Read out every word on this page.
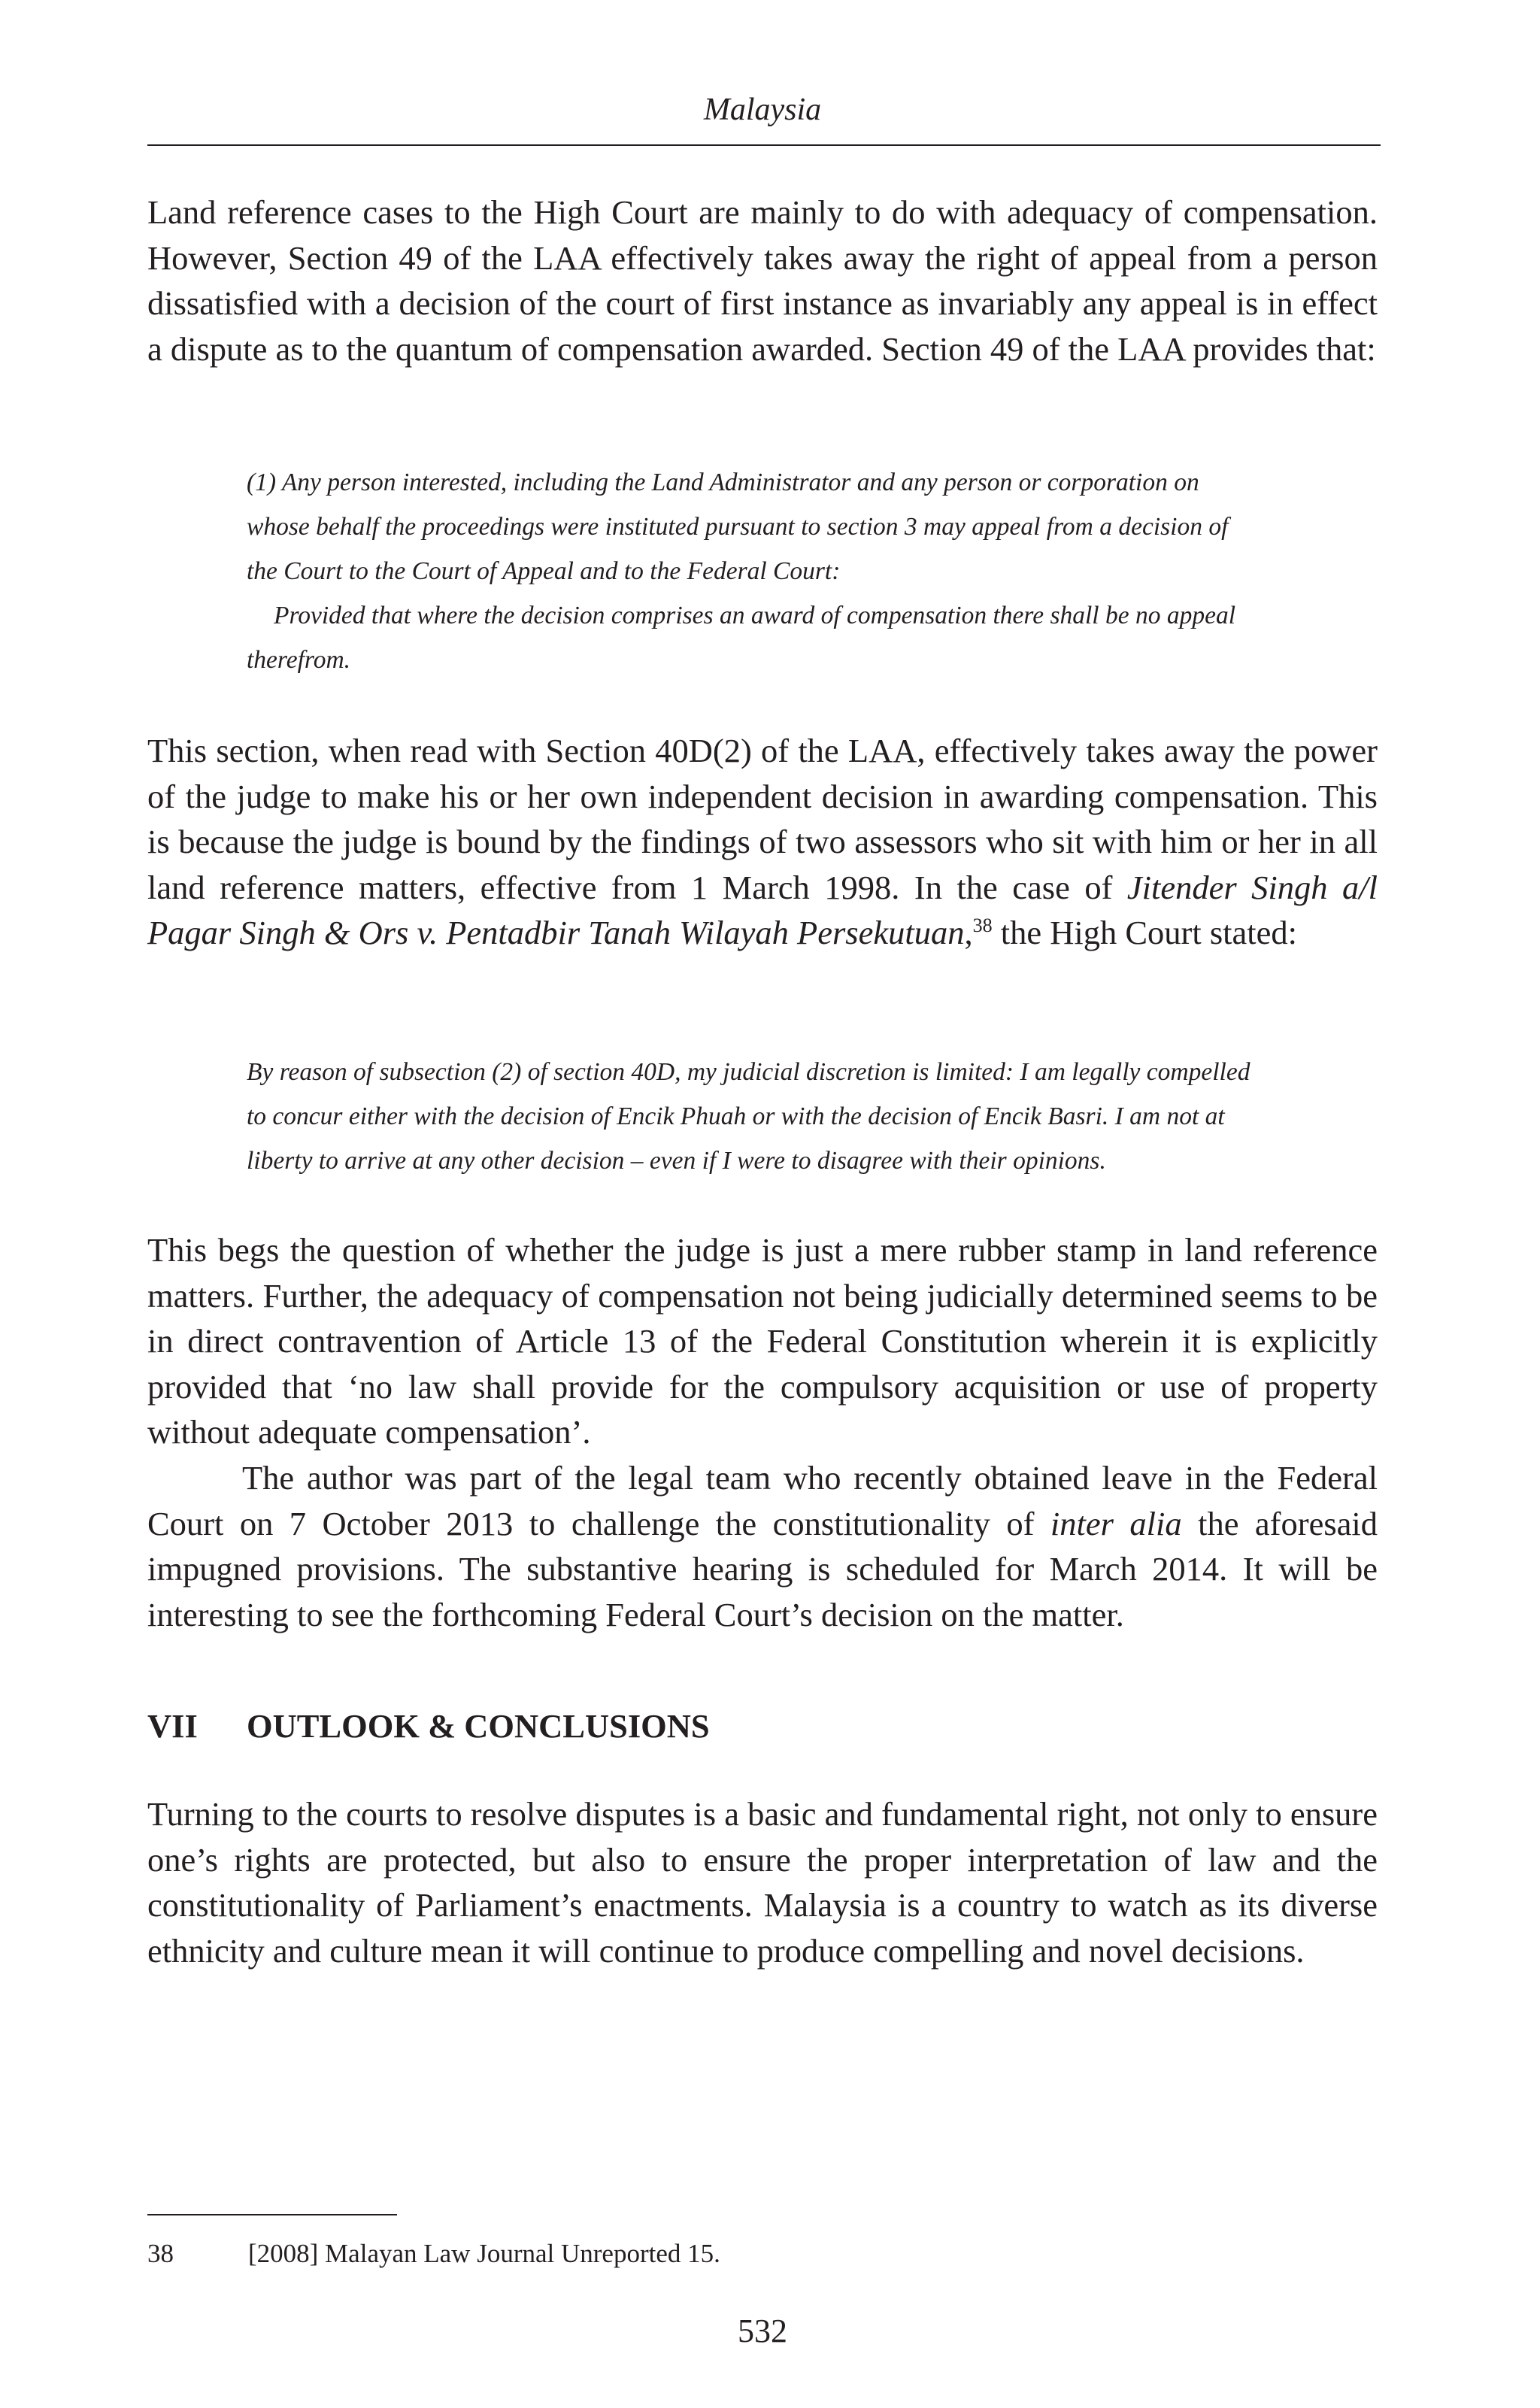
Malaysia

Land reference cases to the High Court are mainly to do with adequacy of compensation. However, Section 49 of the LAA effectively takes away the right of appeal from a person dissatisfied with a decision of the court of first instance as invariably any appeal is in effect a dispute as to the quantum of compensation awarded. Section 49 of the LAA provides that:

(1) Any person interested, including the Land Administrator and any person or corporation on
whose behalf the proceedings were instituted pursuant to section 3 may appeal from a decision of
the Court to the Court of Appeal and to the Federal Court:
Provided that where the decision comprises an award of compensation there shall be no appeal
therefrom.

This section, when read with Section 40D(2) of the LAA, effectively takes away the power of the judge to make his or her own independent decision in awarding compensation. This is because the judge is bound by the findings of two assessors who sit with him or her in all land reference matters, effective from 1 March 1998. In the case of Jitender Singh a/l Pagar Singh & Ors v. Pentadbir Tanah Wilayah Persekutuan,$^{38}$ the High Court stated:

By reason of subsection (2) of section 40D, my judicial discretion is limited: I am legally compelled
to concur either with the decision of Encik Phuah or with the decision of Encik Basri. I am not at
liberty to arrive at any other decision – even if I were to disagree with their opinions.

This begs the question of whether the judge is just a mere rubber stamp in land reference matters. Further, the adequacy of compensation not being judicially determined seems to be in direct contravention of Article 13 of the Federal Constitution wherein it is explicitly provided that ‘no law shall provide for the compulsory acquisition or use of property without adequate compensation’.

The author was part of the legal team who recently obtained leave in the Federal Court on 7 October 2013 to challenge the constitutionality of inter alia the aforesaid impugned provisions. The substantive hearing is scheduled for March 2014. It will be interesting to see the forthcoming Federal Court’s decision on the matter.

VII OUTLOOK & CONCLUSIONS

Turning to the courts to resolve disputes is a basic and fundamental right, not only to ensure one’s rights are protected, but also to ensure the proper interpretation of law and the constitutionality of Parliament’s enactments. Malaysia is a country to watch as its diverse ethnicity and culture mean it will continue to produce compelling and novel decisions.

38	[2008] Malayan Law Journal Unreported 15.
532
